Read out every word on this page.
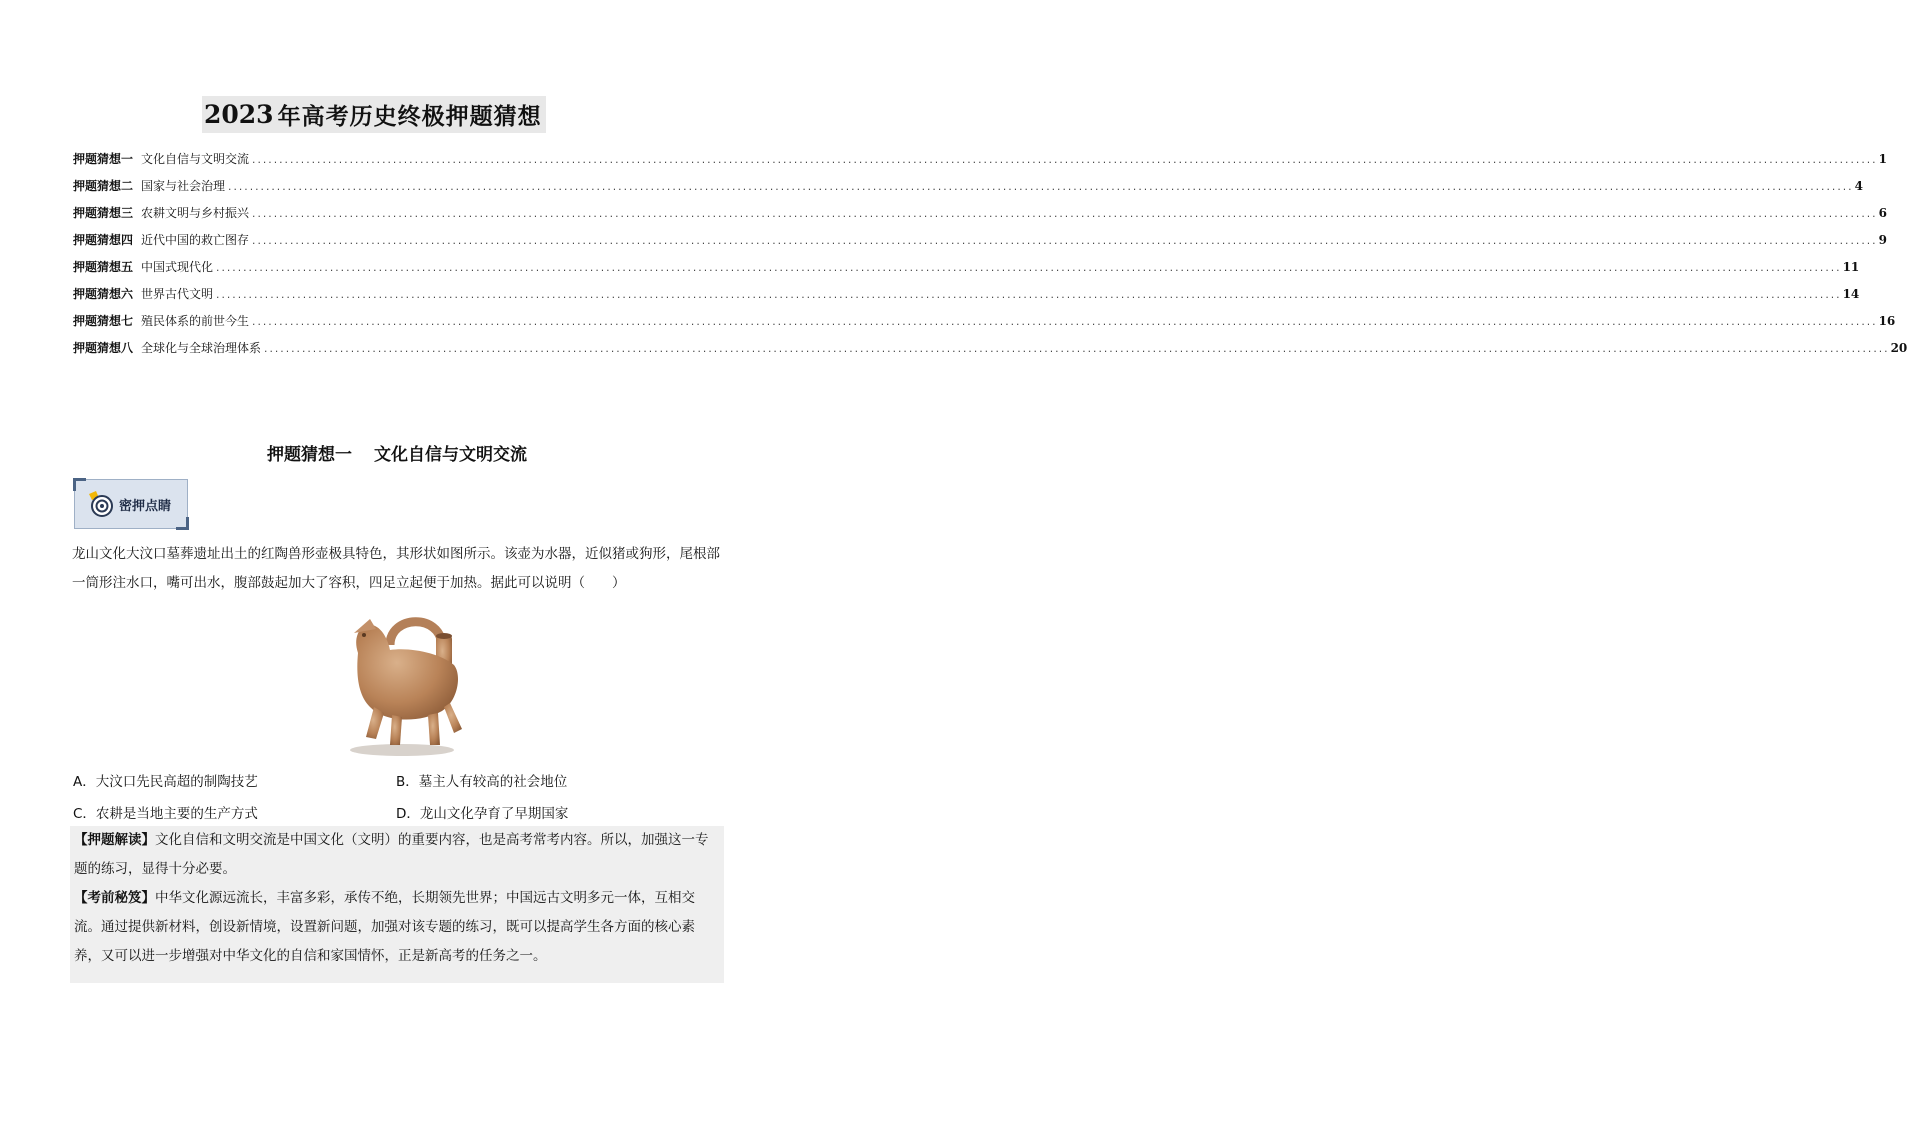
2023 年高考历史终极押题猜想
押题猜想一 文化自信与文明交流 ............................................................................................................................................................................................................................................................................................................ 1
押题猜想二 国家与社会治理 ............................................................................................................................................................................................................................................................................................................ 4
押题猜想三 农耕文明与乡村振兴 ............................................................................................................................................................................................................................................................................................................ 6
押题猜想四 近代中国的救亡图存 ............................................................................................................................................................................................................................................................................................................ 9
押题猜想五 中国式现代化 ............................................................................................................................................................................................................................................................................................................ 11
押题猜想六 世界古代文明 ............................................................................................................................................................................................................................................................................................................ 14
押题猜想七 殖民体系的前世今生 ............................................................................................................................................................................................................................................................................................................ 16
押题猜想八 全球化与全球治理体系 ............................................................................................................................................................................................................................................................................................................ 20
押题猜想一 文化自信与文明交流
密押点睛
龙山文化大汶口墓葬遗址出土的红陶兽形壶极具特色，其形状如图所示。该壶为水器，近似猪或狗形，尾根部一筒形注水口，嘴可出水，腹部鼓起加大了容积，四足立起便于加热。据此可以说明（　　）
A．大汶口先民高超的制陶技艺	B．墓主人有较高的社会地位
C．农耕是当地主要的生产方式	D．龙山文化孕育了早期国家

【押题解读】文化自信和文明交流是中国文化（文明）的重要内容，也是高考常考内容。所以，加强这一专题的练习，显得十分必要。

【考前秘笈】中华文化源远流长，丰富多彩，承传不绝，长期领先世界；中国远古文明多元一体，互相交流。通过提供新材料，创设新情境，设置新问题，加强对该专题的练习，既可以提高学生各方面的核心素养，又可以进一步增强对中华文化的自信和家国情怀，正是新高考的任务之一。
